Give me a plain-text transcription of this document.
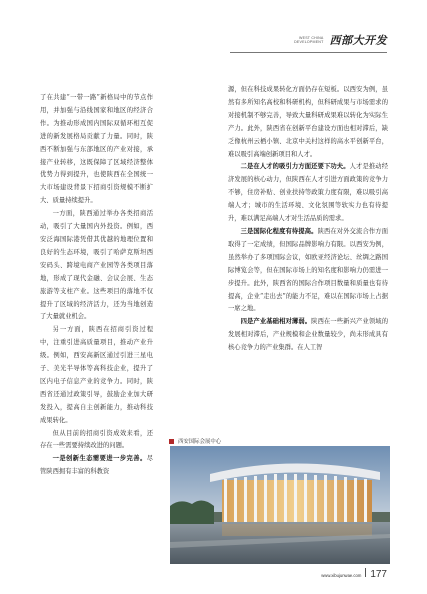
WEST CHINA
DEVELOPMENT 西部大开发

了在共建“一带一路”新格局中的节点作用，并加强与沿线国家和地区的经济合作。为推动形成国内国际双循环相互促进的新发展格局贡献了力量。同时，陕西不断加强与东部地区的产业对接，承接产业转移，这既保障了区域经济整体优势力得到提升，也使陕西在全国统一大市场建设背景下招商引资规模不断扩大、质量持续提升。

一方面，陕西通过举办各类招商活动，吸引了大量国内外投资。例如，西安泛海国际港凭借其优越的地理位置和良好的生态环境，吸引了哈萨克斯坦西安码头、跨境电商产业园等各类项目落地，形成了现代金融、会议会展、生态旅游等支柱产业。这些项目的落地不仅提升了区域的经济活力，还为当地创造了大量就业机会。

另一方面，陕西在招商引资过程中，注重引进高质量项目，推动产业升级。例如，西安高新区通过引进三星电子、美光半导体等高科技企业，提升了区内电子信息产业的竞争力。同时，陕西省还通过政策引导，鼓励企业加大研发投入，提高自主创新能力，推动科技成果转化。

但从目前的招商引资成效来看，还存在一些需要持续改进的问题。

一是创新生态需要进一步完善。尽管陕西拥有丰富的科教资

源，但在科技成果转化方面仍存在短板。以西安为例，虽然有多所知名高校和科研机构，但科研成果与市场需求的对接机制不够完善，导致大量科研成果难以转化为实际生产力。此外，陕西省在创新平台建设方面也相对滞后，缺乏像杭州云栖小镇、北京中关村这样的高水平创新平台，难以吸引高端创新项目和人才。

二是在人才的吸引力方面还要下功夫。人才是推动经济发展的核心动力，但陕西在人才引进方面政策的竞争力不够，住房补贴、创业扶持等政策力度有限，难以吸引高端人才；城市的生活环境、文化氛围等软实力也有待提升，难以满足高端人才对生活品质的需求。

三是国际化程度有待提高。陕西在对外交流合作方面取得了一定成绩，但国际品牌影响力有限。以西安为例，虽然举办了多项国际会议，如欧亚经济论坛、丝绸之路国际博览会等，但在国际市场上的知名度和影响力仍需进一步提升。此外，陕西省的国际合作项目数量和质量也有待提高，企业“走出去”的能力不足，难以在国际市场上占据一席之地。

四是产业基础相对薄弱。陕西在一些新兴产业领域的发展相对滞后，产业规模和企业数量较少，尚未形成具有核心竞争力的产业集群。在人工智

西安国际会展中心
www.xibujunwae.com 177
